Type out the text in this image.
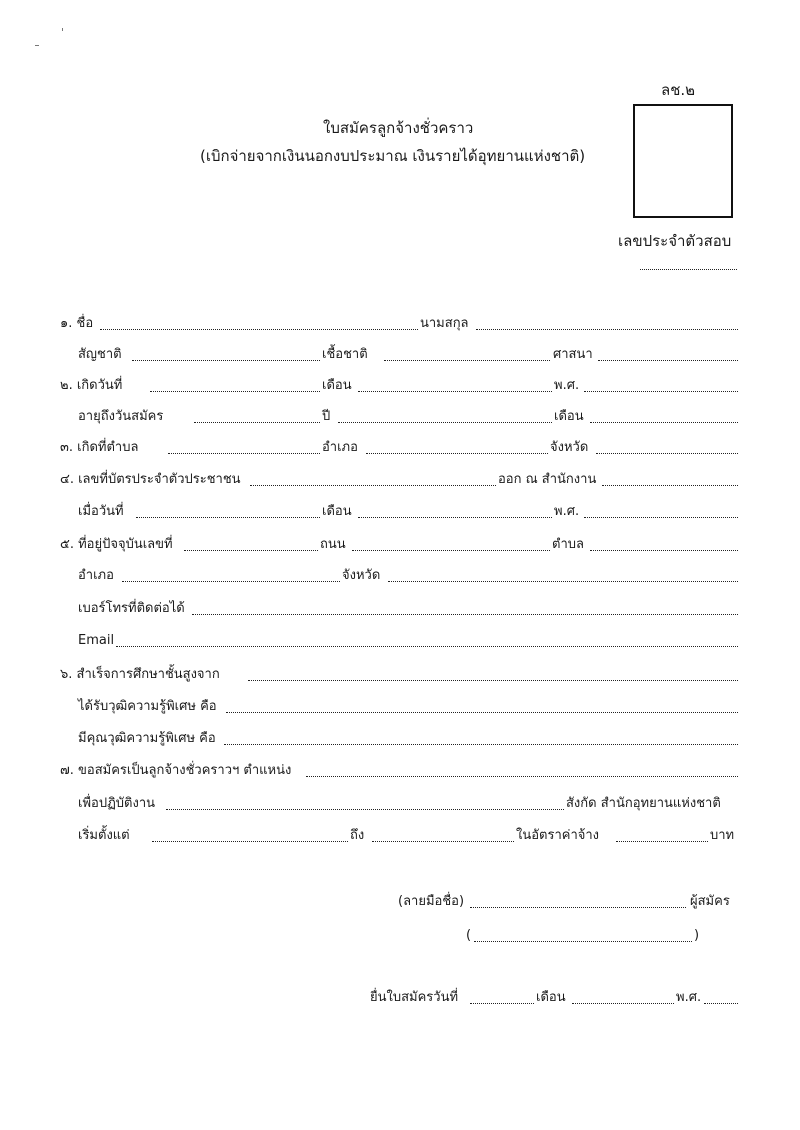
ลช.๒
ใบสมัครลูกจ้างชั่วคราว
(เบิกจ่ายจากเงินนอกงบประมาณ เงินรายได้อุทยานแห่งชาติ)
เลขประจำตัวสอบ
๑. ชื่อ	นามสกุล
สัญชาติ	เชื้อชาติ	ศาสนา
๒. เกิดวันที่	เดือน	พ.ศ.
อายุถึงวันสมัคร	ปี	เดือน
๓. เกิดที่ตำบล	อำเภอ	จังหวัด
๔. เลขที่บัตรประจำตัวประชาชน	ออก ณ สำนักงาน
เมื่อวันที่	เดือน	พ.ศ.
๕. ที่อยู่ปัจจุบันเลขที่	ถนน	ตำบล
อำเภอ	จังหวัด
เบอร์โทรที่ติดต่อได้
Email
๖. สำเร็จการศึกษาชั้นสูงจาก
ได้รับวุฒิความรู้พิเศษ คือ
มีคุณวุฒิความรู้พิเศษ คือ
๗. ขอสมัครเป็นลูกจ้างชั่วคราวฯ ตำแหน่ง
เพื่อปฏิบัติงาน	สังกัด สำนักอุทยานแห่งชาติ
เริ่มตั้งแต่	ถึง	ในอัตราค่าจ้าง	บาท
(ลายมือชื่อ)	ผู้สมัคร
(	)
ยื่นใบสมัครวันที่	เดือน	พ.ศ.
